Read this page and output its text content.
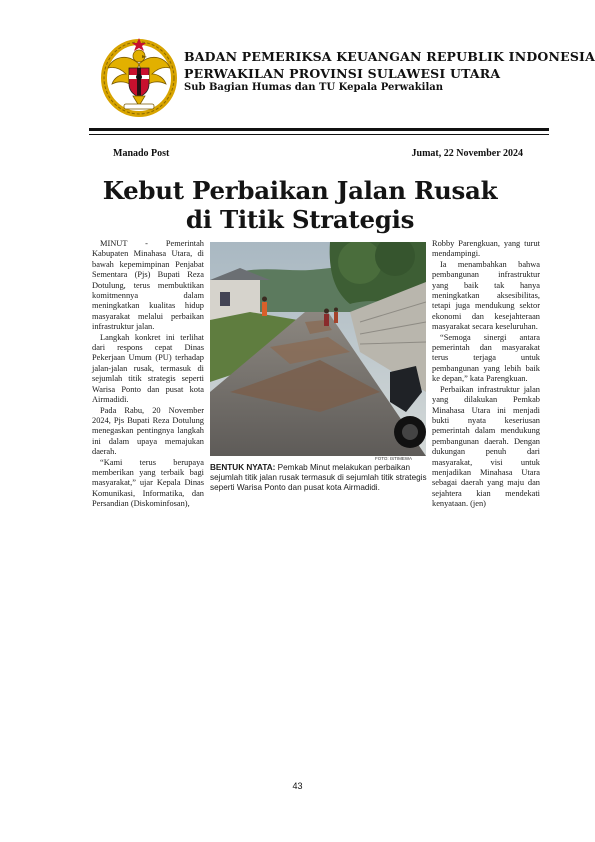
BADAN PEMERIKSA KEUANGAN REPUBLIK INDONESIA
PERWAKILAN PROVINSI SULAWESI UTARA
Sub Bagian Humas dan TU Kepala Perwakilan
Manado Post	Jumat, 22 November 2024
Kebut Perbaikan Jalan Rusak
di Titik Strategis

MINUT - Pemerintah Kabupaten Minahasa Utara, di bawah kepemimpinan Penjabat Sementara (Pjs) Bupati Reza Dotulung, terus membuktikan komitmennya dalam meningkatkan kualitas hidup masyarakat melalui perbaikan infrastruktur jalan.

Langkah konkret ini terlihat dari respons cepat Dinas Pekerjaan Umum (PU) terhadap jalan-jalan rusak, termasuk di sejumlah titik strategis seperti Warisa Ponto dan pusat kota Airmadidi.

Pada Rabu, 20 November 2024, Pjs Bupati Reza Dotulung menegaskan pentingnya langkah ini dalam upaya memajukan daerah.

“Kami terus berupaya memberikan yang terbaik bagi masyarakat,” ujar Kepala Dinas Komunikasi, Informatika, dan Persandian (Diskominfosan),

FOTO: ISTIMEWA
BENTUK NYATA: Pemkab Minut melakukan perbaikan sejumlah titik jalan rusak termasuk di sejumlah titik strategis seperti Warisa Ponto dan pusat kota Airmadidi.

Robby Parengkuan, yang turut mendampingi.

Ia menambahkan bahwa pembangunan infrastruktur yang baik tak hanya meningkatkan aksesibilitas, tetapi juga mendukung sektor ekonomi dan kesejahteraan masyarakat secara keseluruhan.

“Semoga sinergi antara pemerintah dan masyarakat terus terjaga untuk pembangunan yang lebih baik ke depan,” kata Parengkuan.

Perbaikan infrastruktur jalan yang dilakukan Pemkab Minahasa Utara ini menjadi bukti nyata keseriusan pemerintah dalam mendukung pembangunan daerah. Dengan dukungan penuh dari masyarakat, visi untuk menjadikan Minahasa Utara sebagai daerah yang maju dan sejahtera kian mendekati kenyataan. (jen)

43
